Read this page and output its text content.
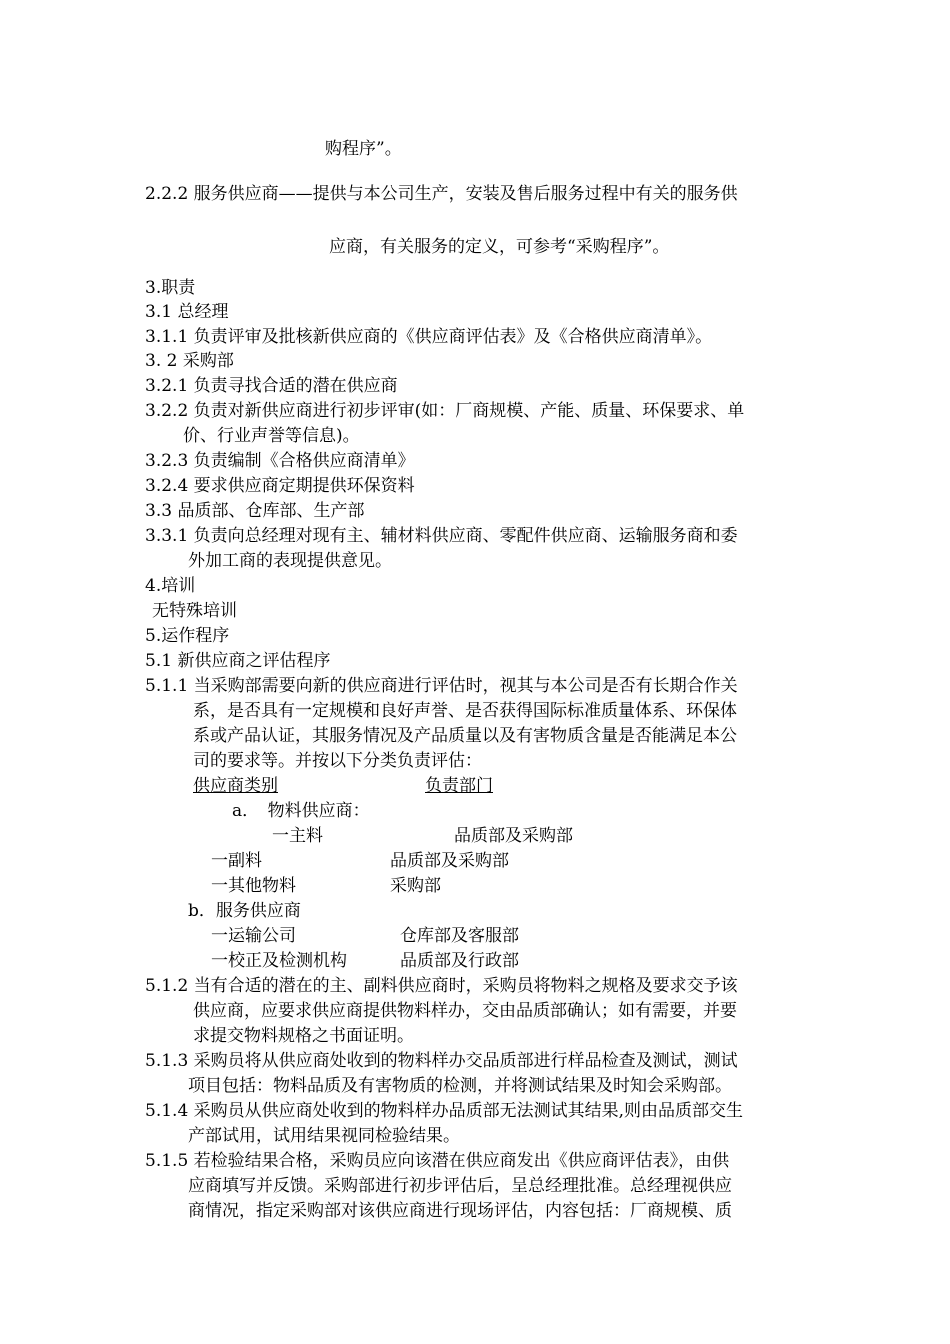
购程序”。
2.2.2 服务供应商——提供与本公司生产，安装及售后服务过程中有关的服务供
应商，有关服务的定义，可参考“采购程序”。
3.职责
3.1 总经理
3.1.1 负责评审及批核新供应商的《供应商评估表》及《合格供应商清单》。
3. 2 采购部
3.2.1 负责寻找合适的潜在供应商
3.2.2 负责对新供应商进行初步评审(如：厂商规模、产能、质量、环保要求、单
价、行业声誉等信息)。
3.2.3 负责编制《合格供应商清单》
3.2.4 要求供应商定期提供环保资料
3.3 品质部、仓库部、生产部
3.3.1 负责向总经理对现有主、辅材料供应商、零配件供应商、运输服务商和委
外加工商的表现提供意见。
4.培训
无特殊培训
5.运作程序
5.1 新供应商之评估程序
5.1.1 当采购部需要向新的供应商进行评估时，视其与本公司是否有长期合作关
系，是否具有一定规模和良好声誉、是否获得国际标准质量体系、环保体
系或产品认证，其服务情况及产品质量以及有害物质含量是否能满足本公
司的要求等。并按以下分类负责评估：
供应商类别	负责部门
a．　物料供应商：
一主料	品质部及采购部
一副料	品质部及采购部
一其他物料	采购部
b．服务供应商
一运输公司	仓库部及客服部
一校正及检测机构	品质部及行政部
5.1.2 当有合适的潜在的主、副料供应商时，采购员将物料之规格及要求交予该
供应商，应要求供应商提供物料样办，交由品质部确认；如有需要，并要
求提交物料规格之书面证明。
5.1.3 采购员将从供应商处收到的物料样办交品质部进行样品检查及测试，测试
项目包括：物料品质及有害物质的检测，并将测试结果及时知会采购部。
5.1.4 采购员从供应商处收到的物料样办品质部无法测试其结果,则由品质部交生
产部试用，试用结果视同检验结果。
5.1.5 若检验结果合格，采购员应向该潜在供应商发出《供应商评估表》，由供
应商填写并反馈。采购部进行初步评估后，呈总经理批准。总经理视供应
商情况，指定采购部对该供应商进行现场评估，内容包括：厂商规模、质
